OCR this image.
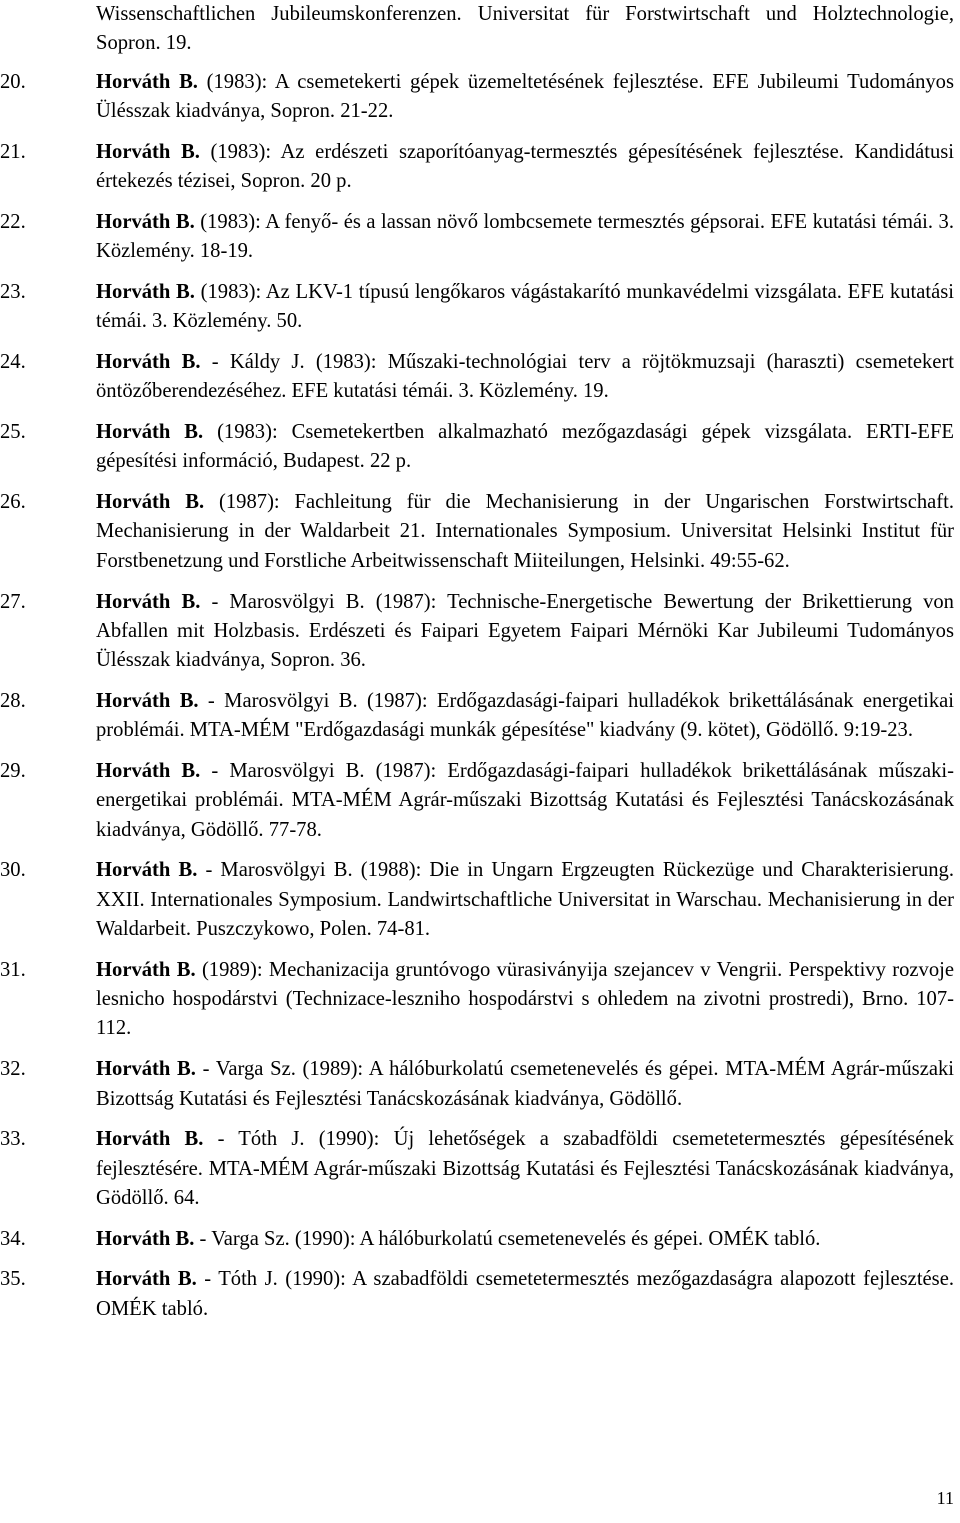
Wissenschaftlichen Jubileumskonferenzen. Universitat für Forstwirtschaft und Holztechnologie, Sopron. 19.
20.	Horváth B. (1983): A csemetekerti gépek üzemeltetésének fejlesztése. EFE Jubileumi Tudományos Ülésszak kiadványa, Sopron. 21-22.
21.	Horváth B. (1983): Az erdészeti szaporítóanyag-termesztés gépesítésének fejlesztése. Kandidátusi értekezés tézisei, Sopron. 20 p.
22.	Horváth B. (1983): A fenyő- és a lassan növő lombcsemete termesztés gépsorai. EFE kutatási témái. 3. Közlemény. 18-19.
23.	Horváth B. (1983): Az LKV-1 típusú lengőkaros vágástakarító munkavédelmi vizsgálata. EFE kutatási témái. 3. Közlemény. 50.
24.	Horváth B. - Káldy J. (1983): Műszaki-technológiai terv a röjtökmuzsaji (haraszti) csemetekert öntözőberendezéséhez. EFE kutatási témái. 3. Közlemény. 19.
25.	Horváth B. (1983): Csemetekertben alkalmazható mezőgazdasági gépek vizsgálata. ERTI-EFE gépesítési információ, Budapest. 22 p.
26.	Horváth B. (1987): Fachleitung für die Mechanisierung in der Ungarischen Forstwirtschaft. Mechanisierung in der Waldarbeit 21. Internationales Symposium. Universitat Helsinki Institut für Forstbenetzung und Forstliche Arbeitwissenschaft Miiteilungen, Helsinki. 49:55-62.
27.	Horváth B. - Marosvölgyi B. (1987): Technische-Energetische Bewertung der Brikettierung von Abfallen mit Holzbasis. Erdészeti és Faipari Egyetem Faipari Mérnöki Kar Jubileumi Tudományos Ülésszak kiadványa, Sopron. 36.
28.	Horváth B. - Marosvölgyi B. (1987): Erdőgazdasági-faipari hulladékok brikettálásának energetikai problémái. MTA-MÉM "Erdőgazdasági munkák gépesítése" kiadvány (9. kötet), Gödöllő. 9:19-23.
29.	Horváth B. - Marosvölgyi B. (1987): Erdőgazdasági-faipari hulladékok brikettálásának műszaki-energetikai problémái. MTA-MÉM Agrár-műszaki Bizottság Kutatási és Fejlesztési Tanácskozásának kiadványa, Gödöllő. 77-78.
30.	Horváth B. - Marosvölgyi B. (1988): Die in Ungarn Ergzeugten Rückezüge und Charakterisierung. XXII. Internationales Symposium. Landwirtschaftliche Universitat in Warschau. Mechanisierung in der Waldarbeit. Puszczykowo, Polen. 74-81.
31.	Horváth B. (1989): Mechanizacija gruntóvogo vürasiványija szejancev v Vengrii. Perspektivy rozvoje lesnicho hospodárstvi (Technizace-lesznіho hospodárstvi s ohledem na zivotni prostredi), Brno. 107-112.
32.	Horváth B. - Varga Sz. (1989): A hálóburkolatú csemetenevelés és gépei. MTA-MÉM Agrár-műszaki Bizottság Kutatási és Fejlesztési Tanácskozásának kiadványa, Gödöllő.
33.	Horváth B. - Tóth J. (1990): Új lehetőségek a szabadföldi csemetetermesztés gépesítésének fejlesztésére. MTA-MÉM Agrár-műszaki Bizottság Kutatási és Fejlesztési Tanácskozásának kiadványa, Gödöllő. 64.
34.	Horváth B. - Varga Sz. (1990): A hálóburkolatú csemetenevelés és gépei. OMÉK tabló.
35.	Horváth B. - Tóth J. (1990): A szabadföldi csemetetermesztés mezőgazdaságra alapozott fejlesztése. OMÉK tabló.
11
